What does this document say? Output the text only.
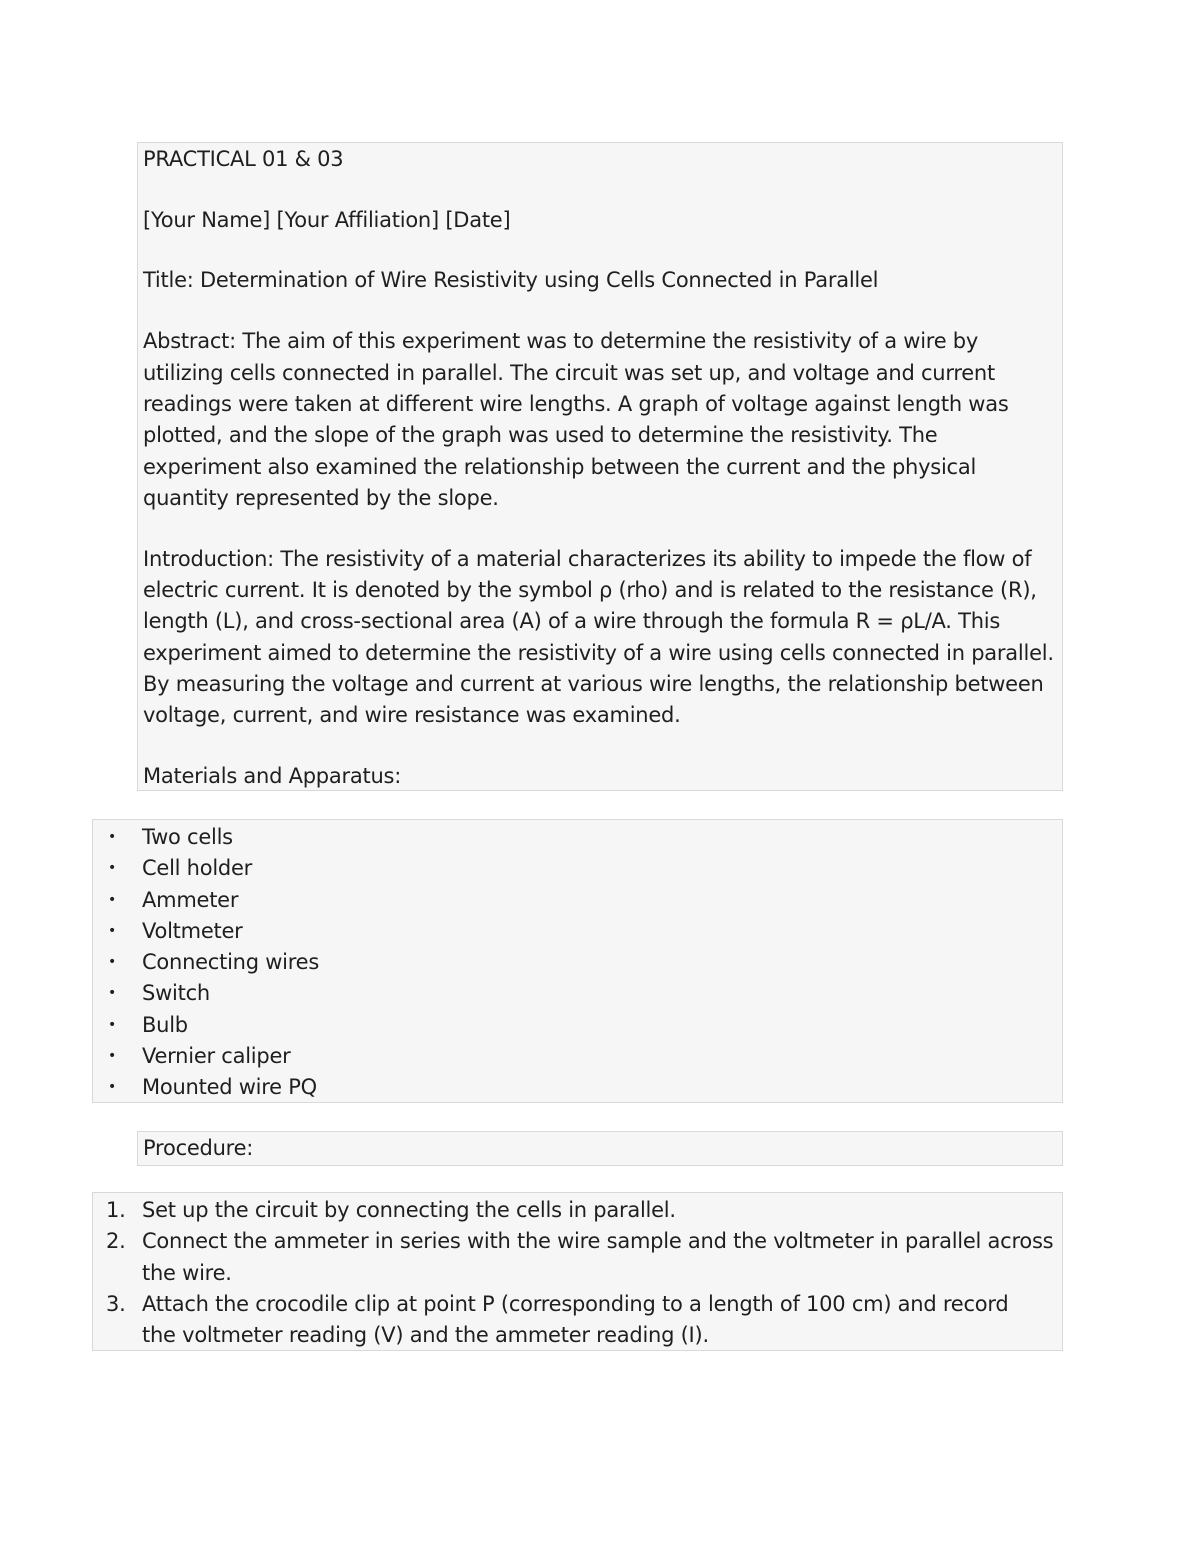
PRACTICAL 01 & 03

[Your Name] [Your Affiliation] [Date]

Title: Determination of Wire Resistivity using Cells Connected in Parallel

Abstract: The aim of this experiment was to determine the resistivity of a wire by

utilizing cells connected in parallel. The circuit was set up, and voltage and current

readings were taken at different wire lengths. A graph of voltage against length was

plotted, and the slope of the graph was used to determine the resistivity. The

experiment also examined the relationship between the current and the physical

quantity represented by the slope.

Introduction: The resistivity of a material characterizes its ability to impede the flow of

electric current. It is denoted by the symbol ρ (rho) and is related to the resistance (R),

length (L), and cross-sectional area (A) of a wire through the formula R = ρL/A. This

experiment aimed to determine the resistivity of a wire using cells connected in parallel.

By measuring the voltage and current at various wire lengths, the relationship between

voltage, current, and wire resistance was examined.

Materials and Apparatus:

• Two cells
• Cell holder
• Ammeter
• Voltmeter
• Connecting wires
• Switch
• Bulb
• Vernier caliper
• Mounted wire PQ

Procedure:

1. Set up the circuit by connecting the cells in parallel.
2. Connect the ammeter in series with the wire sample and the voltmeter in parallel across
the wire.
3. Attach the crocodile clip at point P (corresponding to a length of 100 cm) and record
the voltmeter reading (V) and the ammeter reading (I).
